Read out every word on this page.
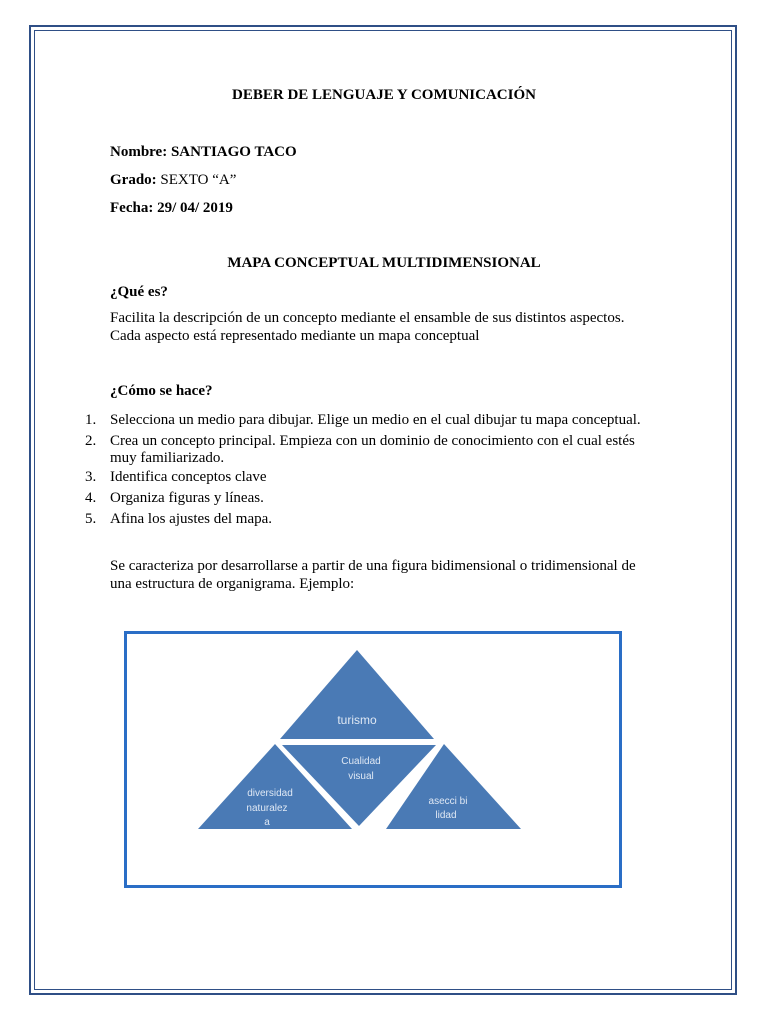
DEBER DE LENGUAJE Y COMUNICACIÓN
Nombre: SANTIAGO TACO
Grado: SEXTO “A”
Fecha: 29/ 04/ 2019
MAPA CONCEPTUAL MULTIDIMENSIONAL
¿Qué es?
Facilita la descripción de un concepto mediante el ensamble de sus distintos aspectos.
Cada aspecto está representado mediante un mapa conceptual
¿Cómo se hace?
1. Selecciona un medio para dibujar. Elige un medio en el cual dibujar tu mapa conceptual.
2. Crea un concepto principal. Empieza con un dominio de conocimiento con el cual estés
muy familiarizado.
3. Identifica conceptos clave
4. Organiza figuras y líneas.
5. Afina los ajustes del mapa.
Se caracteriza por desarrollarse a partir de una figura bidimensional o tridimensional de
una estructura de organigrama. Ejemplo:
turismo
Cualidad
visual
diversidad
naturalez
a
asecci bi
lidad
